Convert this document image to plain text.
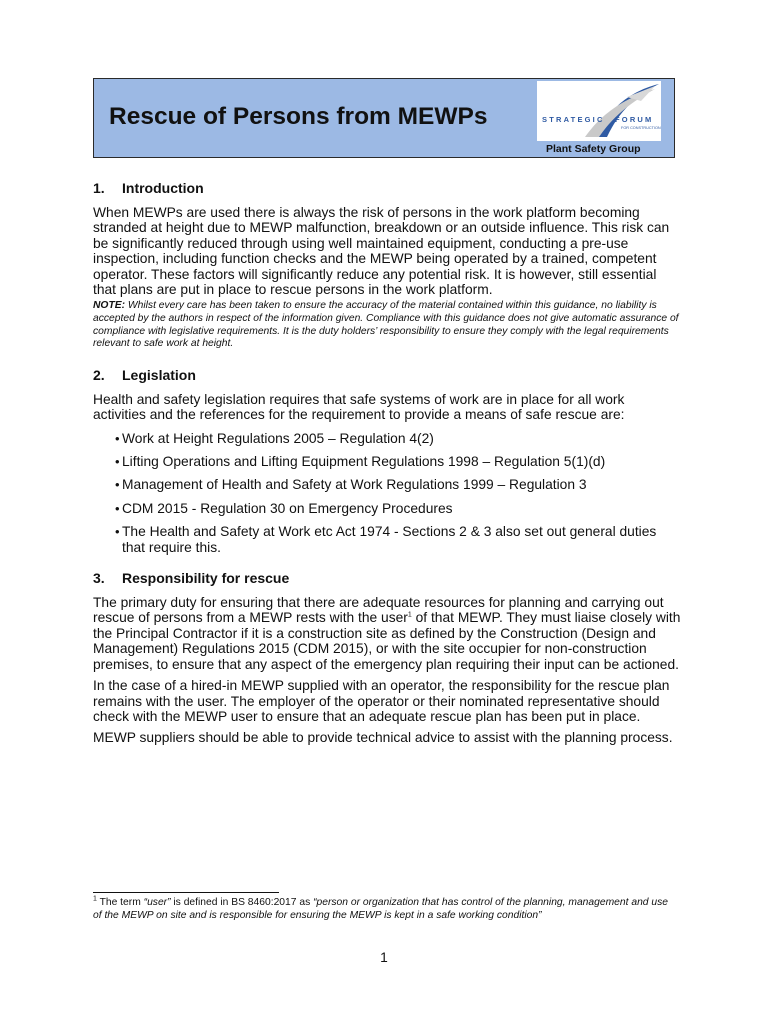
Rescue of Persons from MEWPs	STRATEGIC FORUM
FOR CONSTRUCTION
Plant Safety Group
1. Introduction

When MEWPs are used there is always the risk of persons in the work platform becoming stranded at height due to MEWP malfunction, breakdown or an outside influence. This risk can be significantly reduced through using well maintained equipment, conducting a pre-use inspection, including function checks and the MEWP being operated by a trained, competent operator. These factors will significantly reduce any potential risk. It is however, still essential that plans are put in place to rescue persons in the work platform.

NOTE: Whilst every care has been taken to ensure the accuracy of the material contained within this guidance, no liability is accepted by the authors in respect of the information given. Compliance with this guidance does not give automatic assurance of compliance with legislative requirements. It is the duty holders’ responsibility to ensure they comply with the legal requirements relevant to safe work at height.

2. Legislation

Health and safety legislation requires that safe systems of work are in place for all work activities and the references for the requirement to provide a means of safe rescue are:

• Work at Height Regulations 2005 – Regulation 4(2)
• Lifting Operations and Lifting Equipment Regulations 1998 – Regulation 5(1)(d)
• Management of Health and Safety at Work Regulations 1999 – Regulation 3
• CDM 2015 - Regulation 30 on Emergency Procedures
• The Health and Safety at Work etc Act 1974 - Sections 2 & 3 also set out general duties that require this.
3. Responsibility for rescue

The primary duty for ensuring that there are adequate resources for planning and carrying out rescue of persons from a MEWP rests with the user$^1$ of that MEWP. They must liaise closely with the Principal Contractor if it is a construction site as defined by the Construction (Design and Management) Regulations 2015 (CDM 2015), or with the site occupier for non-construction premises, to ensure that any aspect of the emergency plan requiring their input can be actioned.

In the case of a hired-in MEWP supplied with an operator, the responsibility for the rescue plan remains with the user. The employer of the operator or their nominated representative should check with the MEWP user to ensure that an adequate rescue plan has been put in place.

MEWP suppliers should be able to provide technical advice to assist with the planning process.

$^1$ The term “user” is defined in BS 8460:2017 as “person or organization that has control of the planning, management and use of the MEWP on site and is responsible for ensuring the MEWP is kept in a safe working condition”
1
